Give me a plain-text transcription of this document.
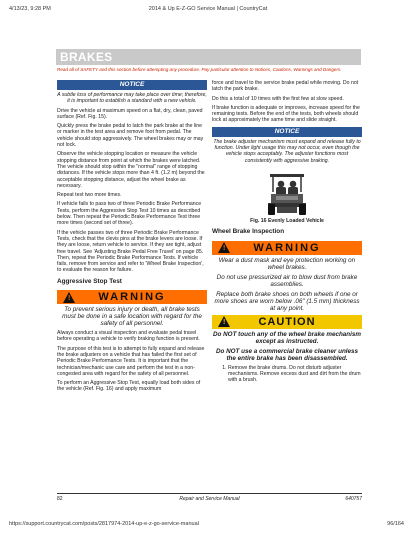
4/13/23, 9:28 PM	2014 & Up E-Z-GO Service Manual | CountryCat
BRAKES
Read all of SAFETY and this section before attempting any procedure. Pay particular attention to Notices, Cautions, Warnings and Dangers.
NOTICE

A subtle loss of performance may take place over time; therefore, it is important to establish a standard with a new vehicle.

Drive the vehicle at maximum speed on a flat, dry, clean, paved surface (Ref. Fig. 15).

Quickly press the brake pedal to latch the park brake at the line or marker in the test area and remove foot from pedal. The vehicle should stop aggressively. The wheel brakes may or may not lock.

Observe the vehicle stopping location or measure the vehicle stopping distance from point at which the brakes were latched. The vehicle should stop within the "normal" range of stopping distances. If the vehicle stops more than 4 ft. (1.2 m) beyond the acceptable stopping distance, adjust the wheel brake as necessary.

Repeat test two more times.

If vehicle fails to pass two of three Periodic Brake Performance Tests, perform the Aggressive Stop Test 10 times as described below. Then repeat the Periodic Brake Performance Test three more times (second set of three).

If the vehicle passes two of three Periodic Brake Performance Tests, check that the clevis pins at the brake levers are loose. If they are loose, return vehicle to service. If they are tight, adjust free travel. See 'Adjusting Brake Pedal Free Travel' on page 85. Then, repeat the Periodic Brake Performance Tests. If vehicle fails, remove from service and refer to 'Wheel Brake Inspection', to evaluate the reason for failure.

Aggressive Stop Test
! WARNING

To prevent serious injury or death, all brake tests must be done in a safe location with regard for the safety of all personnel.

Always conduct a visual inspection and evaluate pedal travel before operating a vehicle to verify braking function is present.

The purpose of this test is to attempt to fully expand and release the brake adjusters on a vehicle that has failed the first set of Periodic Brake Performance Tests. It is important that the technician/mechanic use care and perform the test in a non-congested area with regard for the safety of all personnel.

To perform an Aggressive Stop Test, equally load both sides of the vehicle (Ref. Fig. 16) and apply maximum

force and travel to the service brake pedal while moving. Do not latch the park brake.

Do this a total of 10 times with the first few at slow speed.

If brake function is adequate or improves, increase speed for the remaining tests. Before the end of the tests, both wheels should lock at approximately the same time and slide straight.

NOTICE

The brake adjuster mechanism must expand and release fully to function. Under light usage this may not occur, even though the vehicle stops acceptably. The adjuster functions most consistently with aggressive braking.

Fig. 16 Evenly Loaded Vehicle
Wheel Brake Inspection
! WARNING

Wear a dust mask and eye protection working on wheel brakes.

Do not use pressurized air to blow dust from brake assemblies.

Replace both brake shoes on both wheels if one or more shoes are worn below .06" (1.5 mm) thickness at any point.

!	CAUTION

Do NOT touch any of the wheel brake mechanism except as instructed.

Do NOT use a commercial brake cleaner unless the entire brake has been disassembled.

1. Remove the brake drums. Do not disturb adjuster mechanisms. Remove excess dust and dirt from the drum with a brush.
82	Repair and Service Manual	640757
https://support.countrycat.com/posts/2817974-2014-up-e-z-go-service-manual	96/164
